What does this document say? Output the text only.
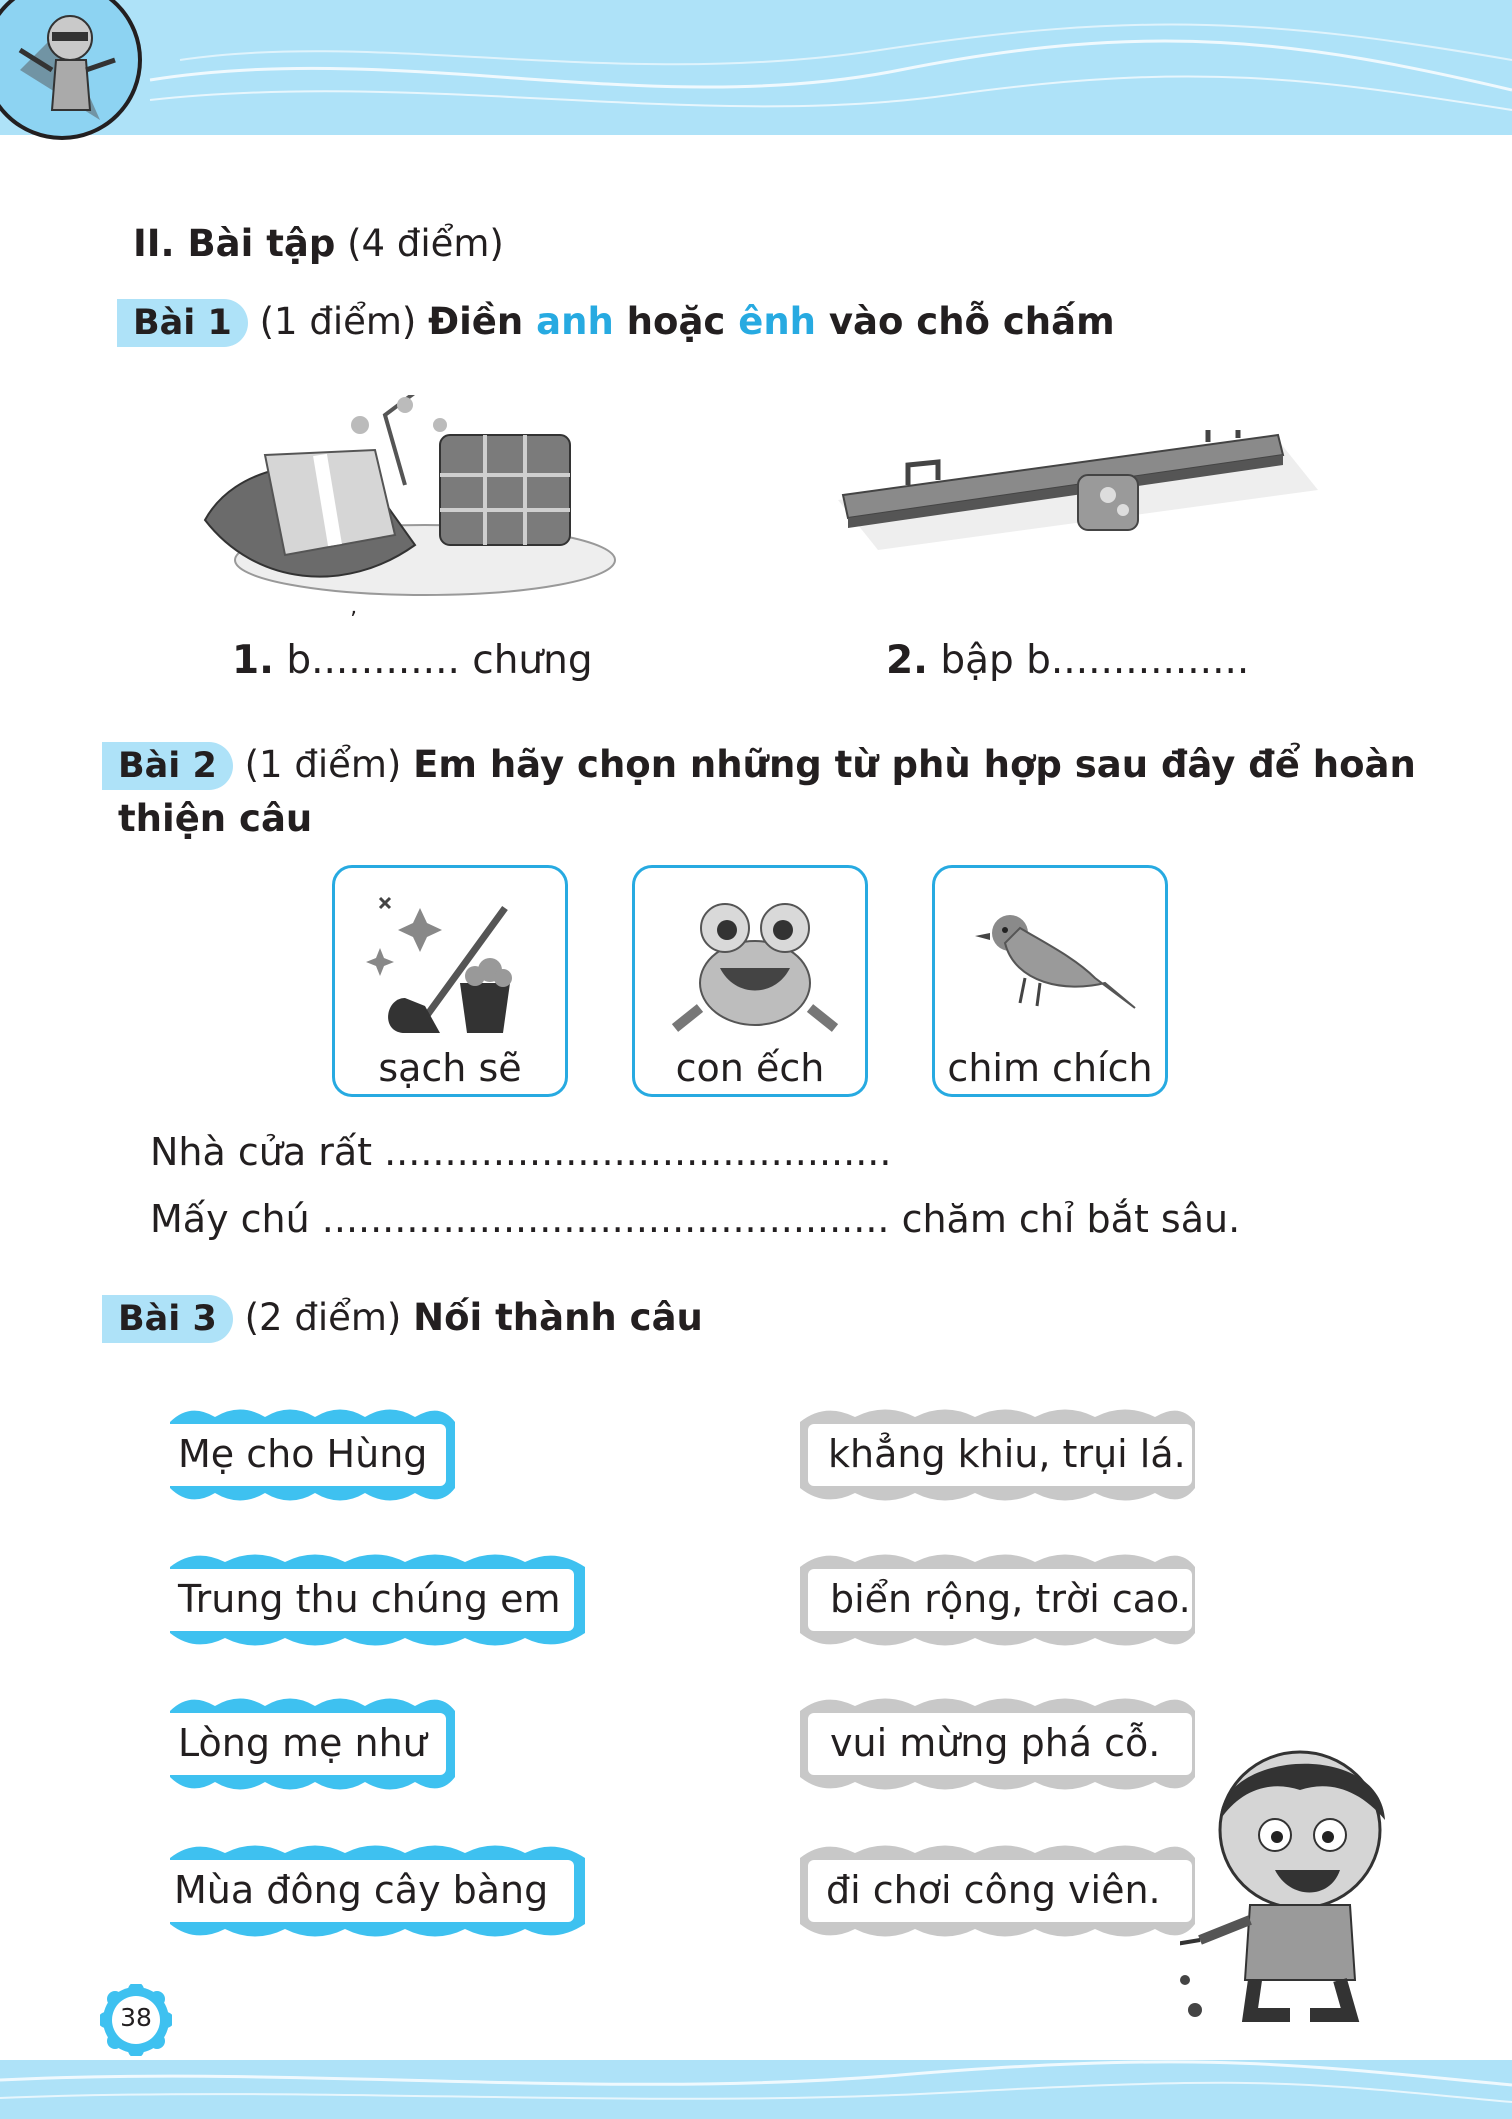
II. Bài tập (4 điểm)
Bài 1 (1 điểm) Điền anh hoặc ênh vào chỗ chấm
1. b............ chưng
ʼ
2. bập b................
Bài 2 (1 điểm) Em hãy chọn những từ phù hợp sau đây để hoàn
thiện câu
sạch sẽ	con ếch	chim chích
Nhà cửa rất ..........................................
Mấy chú ............................................... chăm chỉ bắt sâu.
Bài 3 (2 điểm) Nối thành câu
Mẹ cho Hùng
Trung thu chúng em
Lòng mẹ như
Mùa đông cây bàng
khẳng khiu, trụi lá.
biển rộng, trời cao.
vui mừng phá cỗ.
đi chơi công viên.
38
